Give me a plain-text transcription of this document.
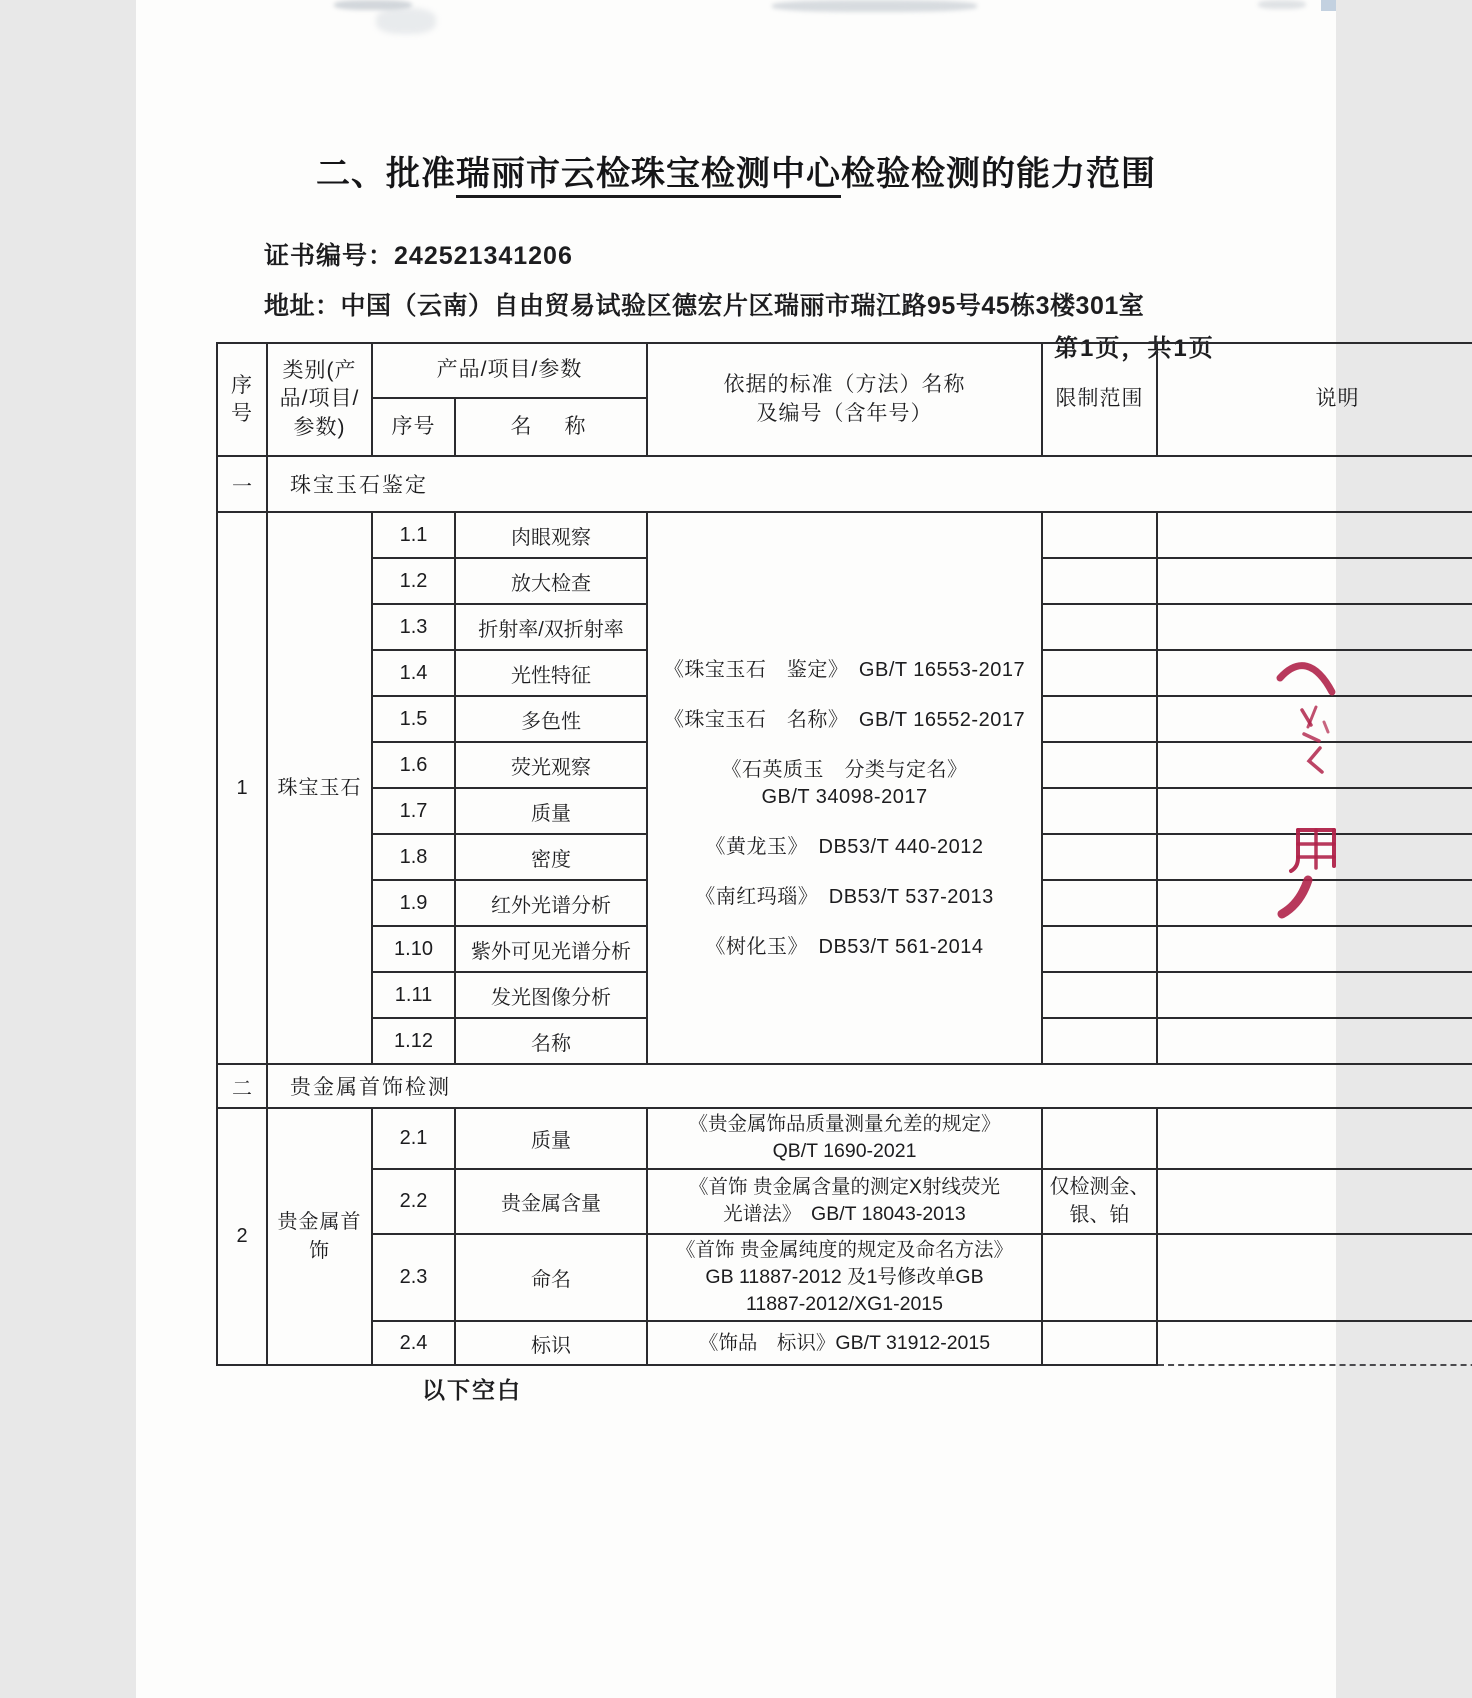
二、批准瑞丽市云检珠宝检测中心检验检测的能力范围
证书编号：242521341206
地址：中国（云南）自由贸易试验区德宏片区瑞丽市瑞江路95号45栋3楼301室
第1页，共1页
序
号	类别(产
品/项目/
参数)	产品/项目/参数		依据的标准（方法）名称
及编号（含年号）	限制范围	说明
		序号	名　称			
一	珠宝玉石鉴定					
1	珠宝玉石
	1.1	肉眼观察	
《珠宝玉石　鉴定》　GB/T 16553-2017
《珠宝玉石　名称》　GB/T 16552-2017
《石英质玉　分类与定名》
GB/T 34098-2017
《黄龙玉》　DB53/T 440-2012
《南红玛瑙》　DB53/T 537-2013
《树化玉》　DB53/T 561-2014

		1.2	放大检查			
		1.3	折射率/双折射率			
		1.4	光性特征			
		1.5	多色性			
		1.6	荧光观察			
		1.7	质量			
		1.8	密度			
		1.9	红外光谱分析			
		1.10	紫外可见光谱分析			
		1.11	发光图像分析			
		1.12	名称			
二	贵金属首饰检测					
2	贵金属首饰	2.1	质量	《贵金属饰品质量测量允差的规定》
QB/T 1690-2021		
		2.2	贵金属含量	《首饰 贵金属含量的测定X射线荧光
光谱法》　GB/T 18043-2013	仅检测金、
银、铂	
		2.3	命名	《首饰 贵金属纯度的规定及命名方法》
GB 11887-2012 及1号修改单GB
11887-2012/XG1-2015		
		2.4	标识	《饰品　标识》GB/T 31912-2015		
以下空白
